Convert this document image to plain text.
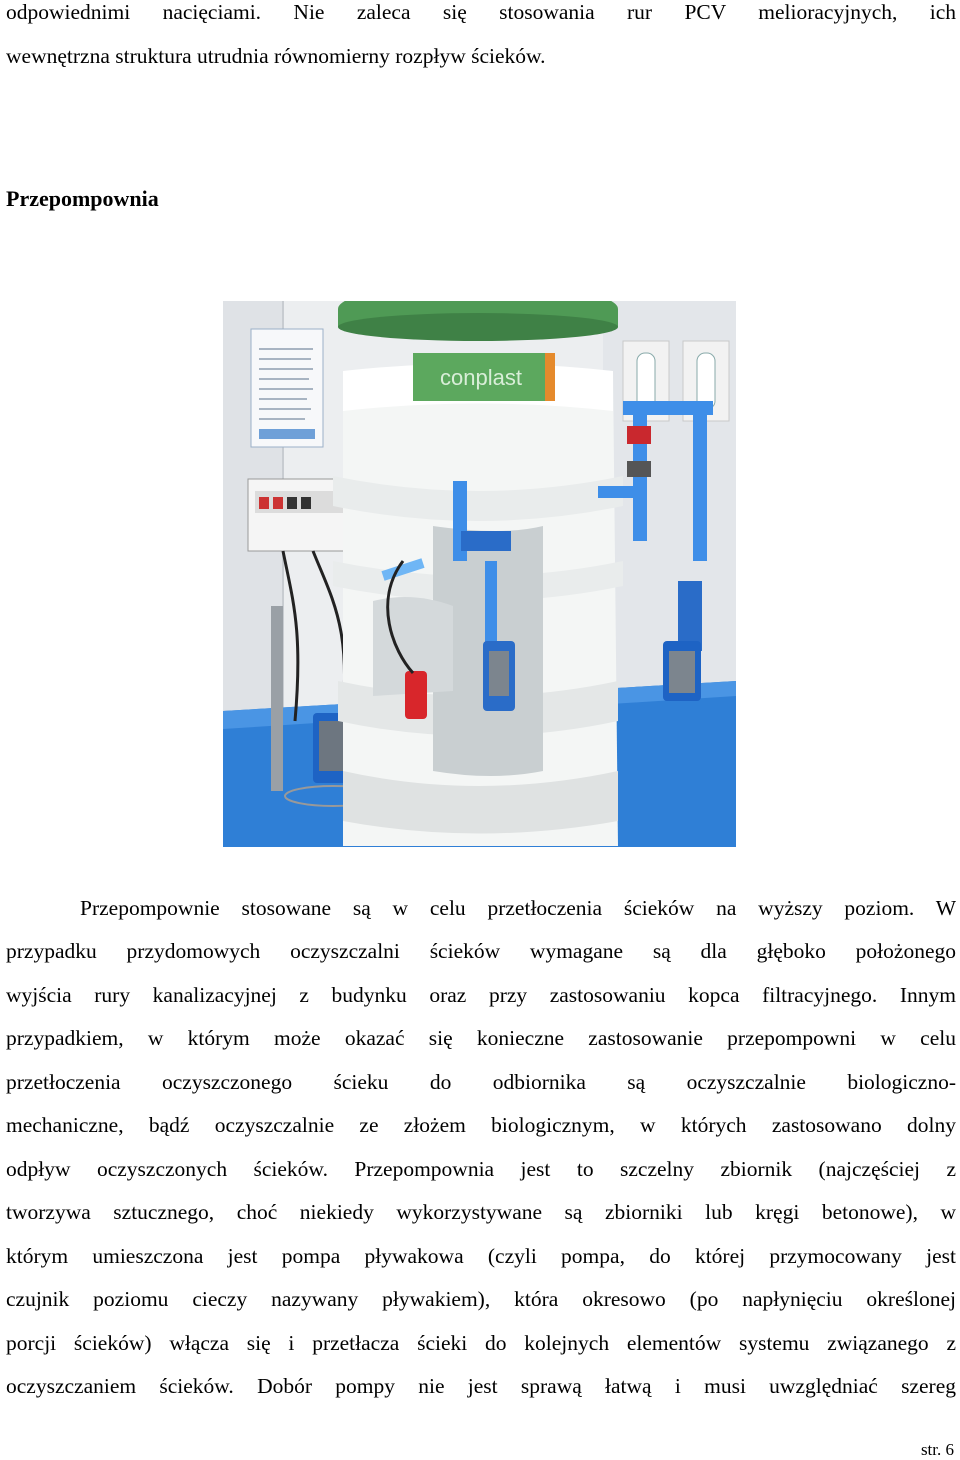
odpowiednimi nacięciami. Nie zaleca się stosowania rur PCV melioracyjnych, ich
wewnętrzna struktura utrudnia równomierny rozpływ ścieków.
Przepompownia
conplast
Przepompownie stosowane są w celu przetłoczenia ścieków na wyższy poziom. W
przypadku przydomowych oczyszczalni ścieków wymagane są dla głęboko położonego
wyjścia rury kanalizacyjnej z budynku oraz przy zastosowaniu kopca filtracyjnego. Innym
przypadkiem, w którym może okazać się konieczne zastosowanie przepompowni w celu
przetłoczenia oczyszczonego ścieku do odbiornika są oczyszczalnie biologiczno-
mechaniczne, bądź oczyszczalnie ze złożem biologicznym, w których zastosowano dolny
odpływ oczyszczonych ścieków. Przepompownia jest to szczelny zbiornik (najczęściej z
tworzywa sztucznego, choć niekiedy wykorzystywane są zbiorniki lub kręgi betonowe), w
którym umieszczona jest pompa pływakowa (czyli pompa, do której przymocowany jest
czujnik poziomu cieczy nazywany pływakiem), która okresowo (po napłynięciu określonej
porcji ścieków) włącza się i przetłacza ścieki do kolejnych elementów systemu związanego z
oczyszczaniem ścieków. Dobór pompy nie jest sprawą łatwą i musi uwzględniać szereg
str. 6
